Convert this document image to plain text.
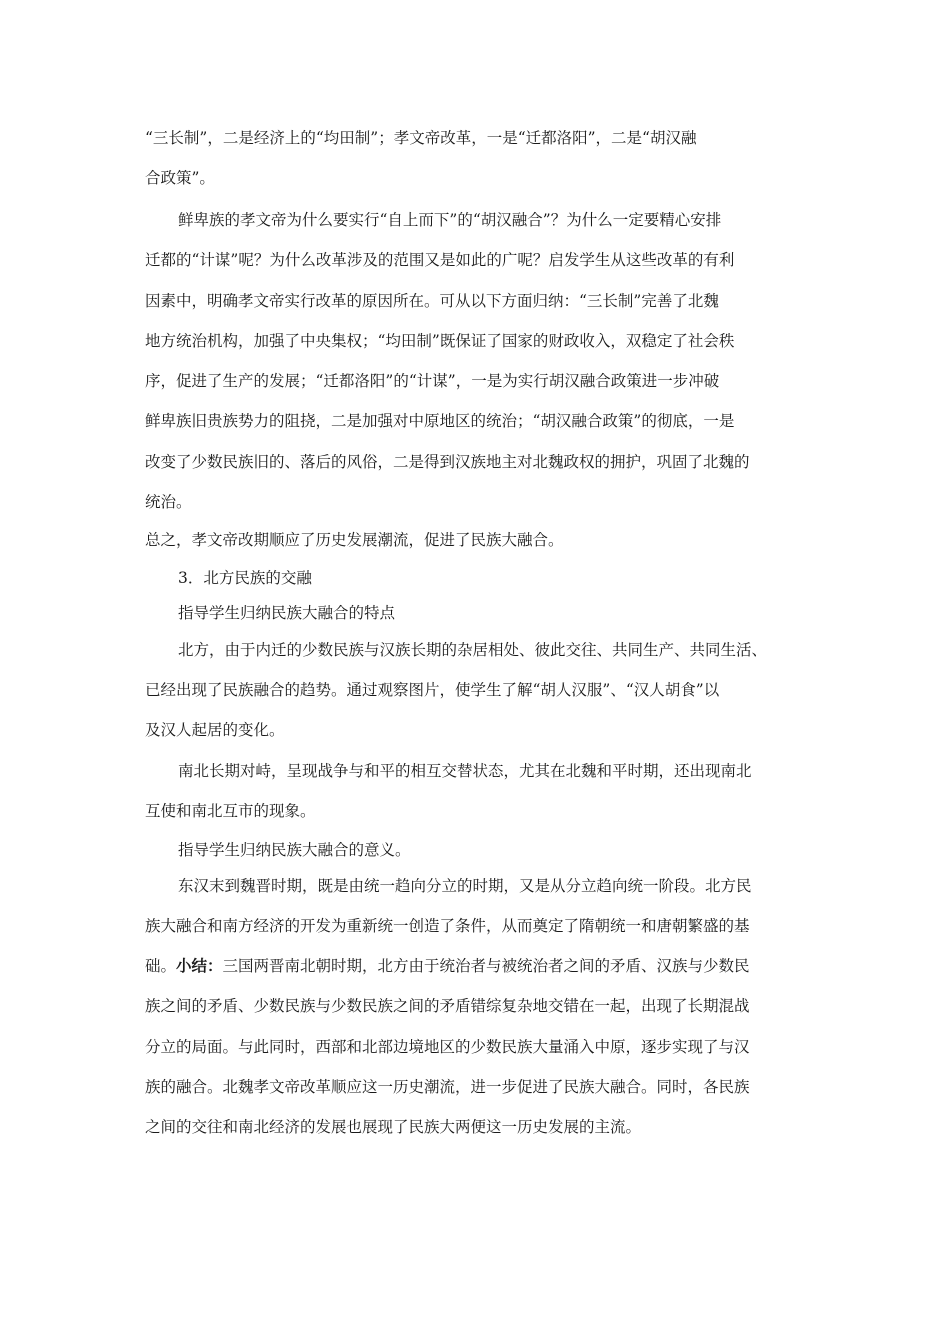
“三长制”，二是经济上的“均田制”；孝文帝改革，一是“迁都洛阳”，二是“胡汉融
合政策”。
鲜卑族的孝文帝为什么要实行“自上而下”的“胡汉融合”？为什么一定要精心安排
迁都的“计谋”呢？为什么改革涉及的范围又是如此的广呢？启发学生从这些改革的有利
因素中，明确孝文帝实行改革的原因所在。可从以下方面归纳：“三长制”完善了北魏
地方统治机构，加强了中央集权；“均田制”既保证了国家的财政收入，双稳定了社会秩
序，促进了生产的发展；“迁都洛阳”的“计谋”，一是为实行胡汉融合政策进一步冲破
鲜卑族旧贵族势力的阻挠，二是加强对中原地区的统治；“胡汉融合政策”的彻底，一是
改变了少数民族旧的、落后的风俗，二是得到汉族地主对北魏政权的拥护，巩固了北魏的
统治。
总之，孝文帝改期顺应了历史发展潮流，促进了民族大融合。
3．北方民族的交融
指导学生归纳民族大融合的特点
北方，由于内迁的少数民族与汉族长期的杂居相处、彼此交往、共同生产、共同生活、
已经出现了民族融合的趋势。通过观察图片，使学生了解“胡人汉服”、“汉人胡食”以
及汉人起居的变化。
南北长期对峙，呈现战争与和平的相互交替状态，尤其在北魏和平时期，还出现南北
互使和南北互市的现象。
指导学生归纳民族大融合的意义。
东汉末到魏晋时期，既是由统一趋向分立的时期，又是从分立趋向统一阶段。北方民
族大融合和南方经济的开发为重新统一创造了条件，从而奠定了隋朝统一和唐朝繁盛的基
础。小结：三国两晋南北朝时期，北方由于统治者与被统治者之间的矛盾、汉族与少数民
族之间的矛盾、少数民族与少数民族之间的矛盾错综复杂地交错在一起，出现了长期混战
分立的局面。与此同时，西部和北部边境地区的少数民族大量涌入中原，逐步实现了与汉
族的融合。北魏孝文帝改革顺应这一历史潮流，进一步促进了民族大融合。同时，各民族
之间的交往和南北经济的发展也展现了民族大两便这一历史发展的主流。
